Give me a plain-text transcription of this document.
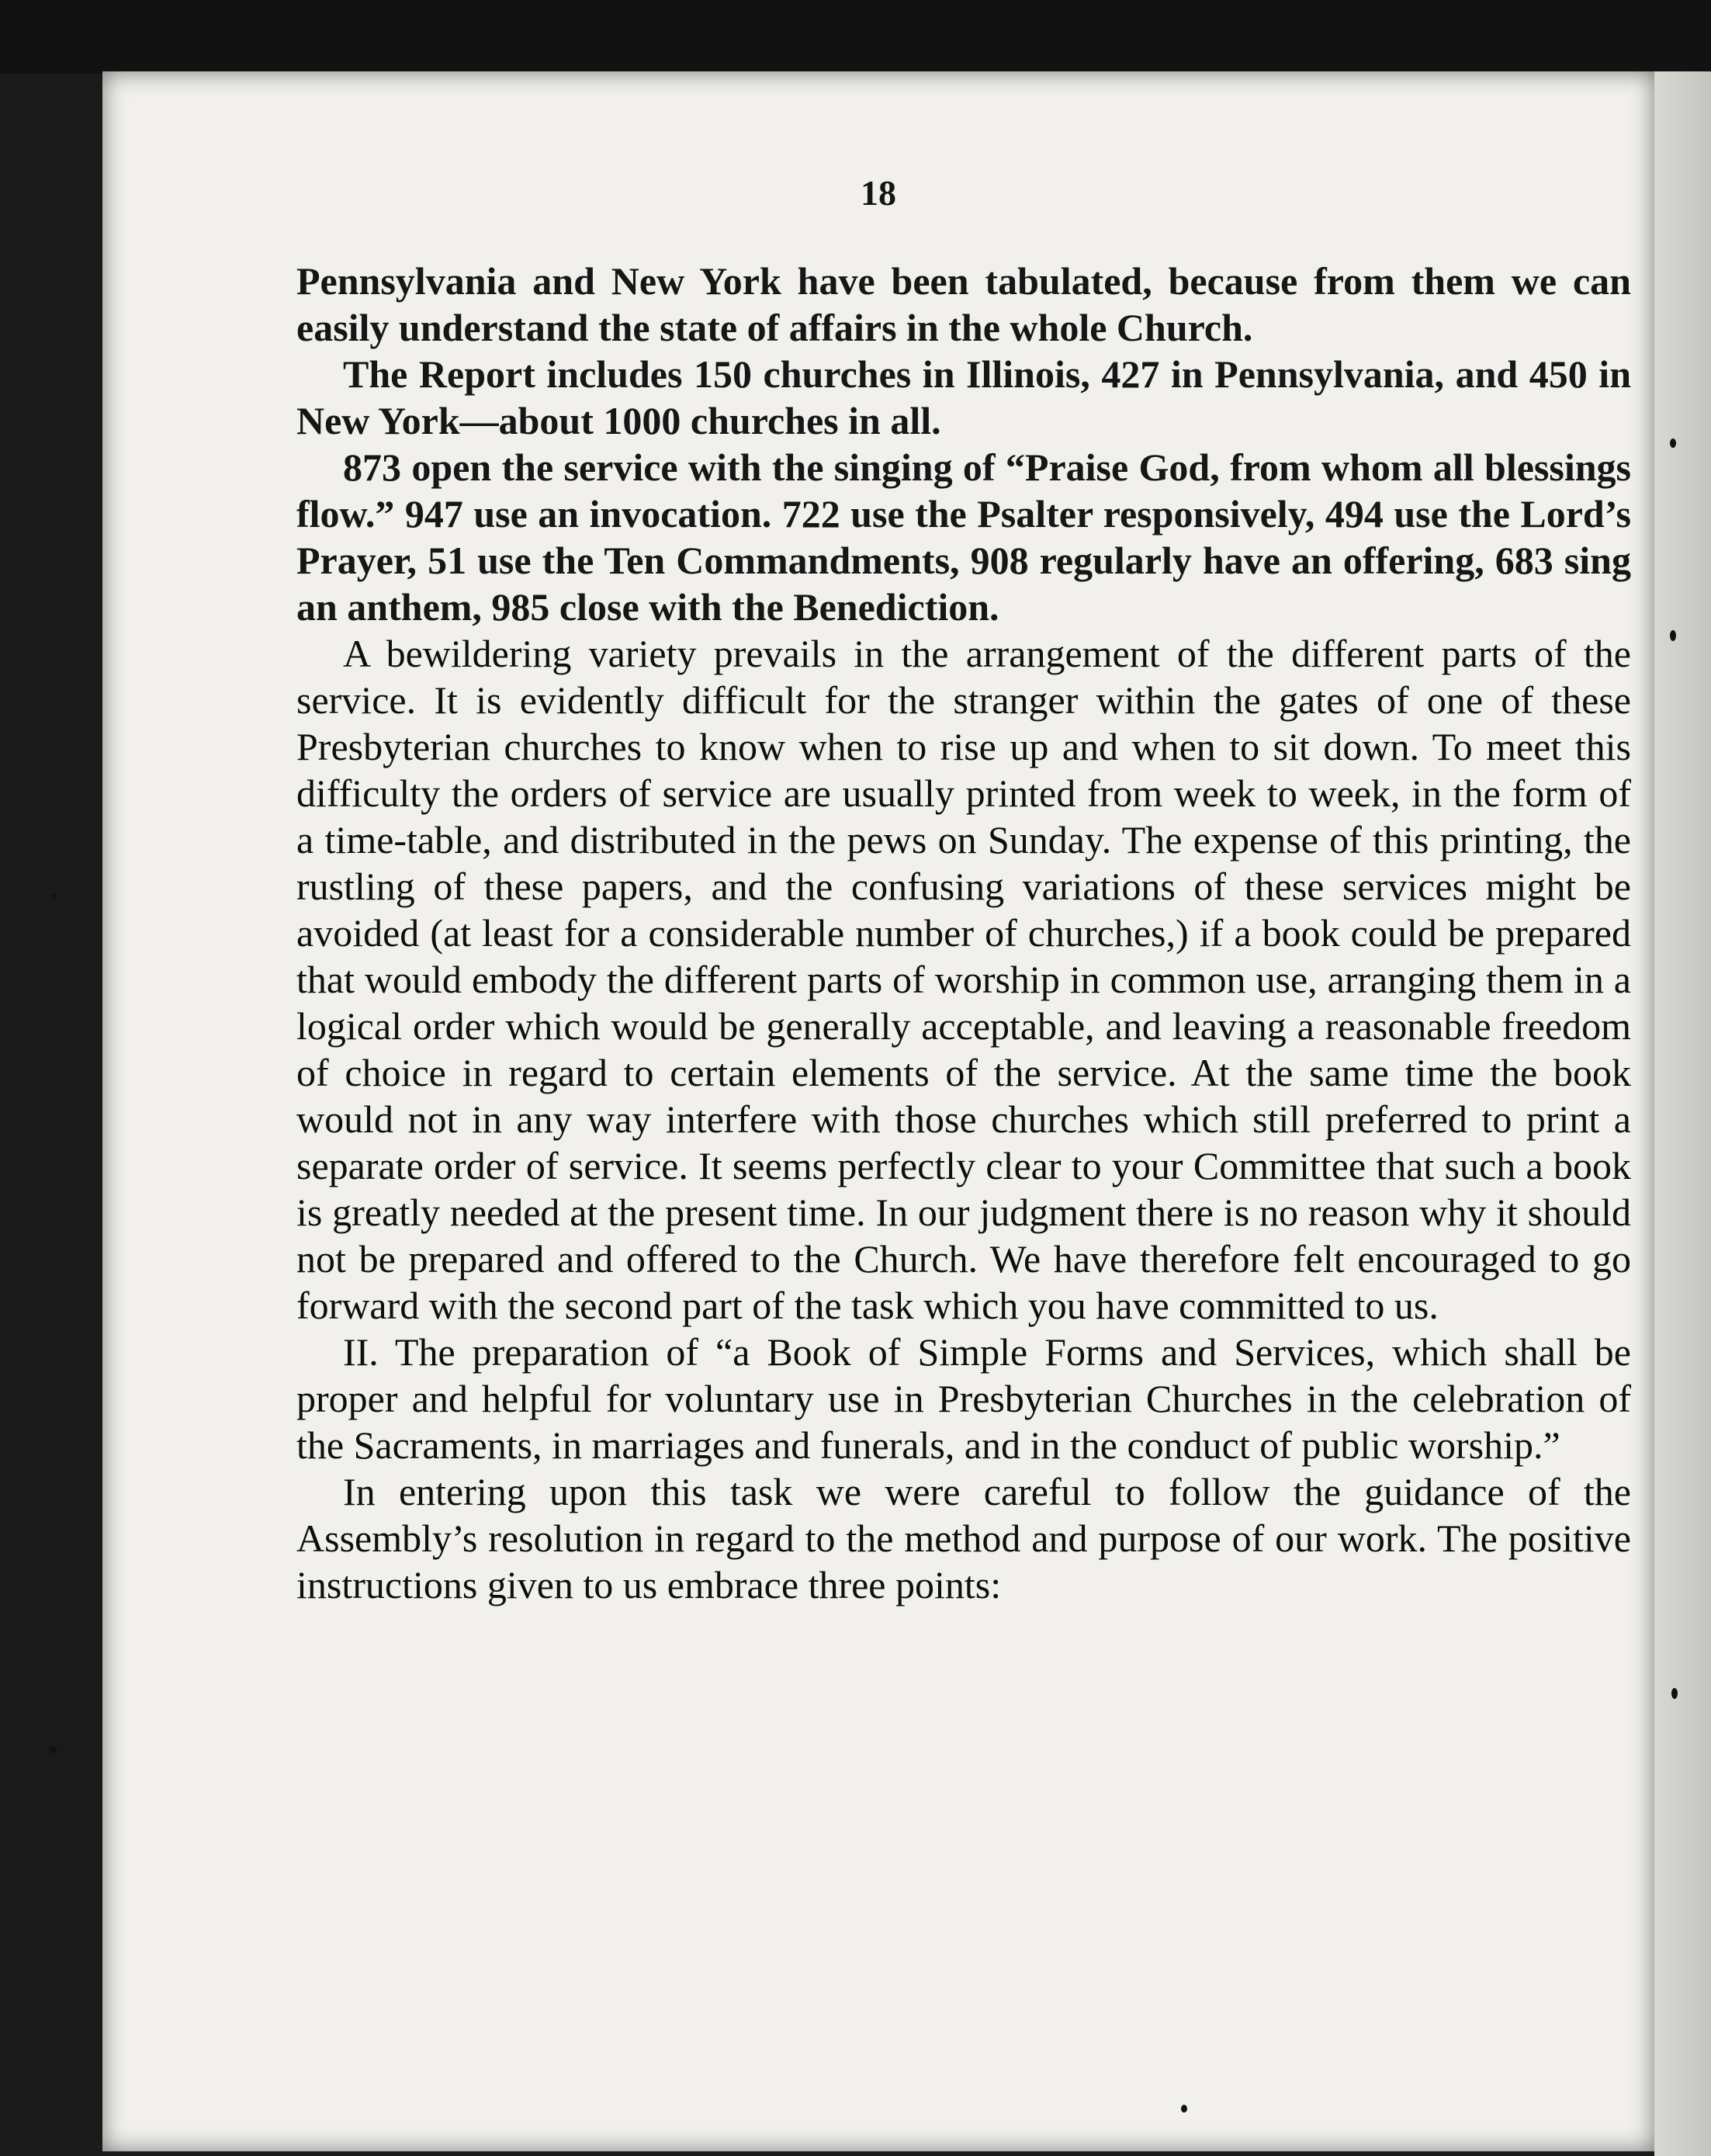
18

Pennsylvania and New York have been tabulated, because from them we can easily understand the state of affairs in the whole Church.

The Report includes 150 churches in Illinois, 427 in Pennsylvania, and 450 in New York—about 1000 churches in all.

873 open the service with the singing of “Praise God, from whom all blessings flow.” 947 use an invocation. 722 use the Psalter responsively, 494 use the Lord’s Prayer, 51 use the Ten Commandments, 908 regularly have an offering, 683 sing an anthem, 985 close with the Benediction.

A bewildering variety prevails in the arrangement of the different parts of the service. It is evidently difficult for the stranger within the gates of one of these Presbyterian churches to know when to rise up and when to sit down. To meet this difficulty the orders of service are usually printed from week to week, in the form of a time-table, and distributed in the pews on Sunday. The expense of this printing, the rustling of these papers, and the confusing variations of these services might be avoided (at least for a considerable number of churches,) if a book could be prepared that would embody the different parts of worship in common use, arranging them in a logical order which would be generally acceptable, and leaving a reasonable freedom of choice in regard to certain elements of the service. At the same time the book would not in any way interfere with those churches which still preferred to print a separate order of service. It seems perfectly clear to your Committee that such a book is greatly needed at the present time. In our judgment there is no reason why it should not be prepared and offered to the Church. We have therefore felt encouraged to go forward with the second part of the task which you have committed to us.

II. The preparation of “a Book of Simple Forms and Services, which shall be proper and helpful for voluntary use in Presbyterian Churches in the celebration of the Sacraments, in marriages and funerals, and in the conduct of public worship.”

In entering upon this task we were careful to follow the guidance of the Assembly’s resolution in regard to the method and purpose of our work. The positive instructions given to us embrace three points:
